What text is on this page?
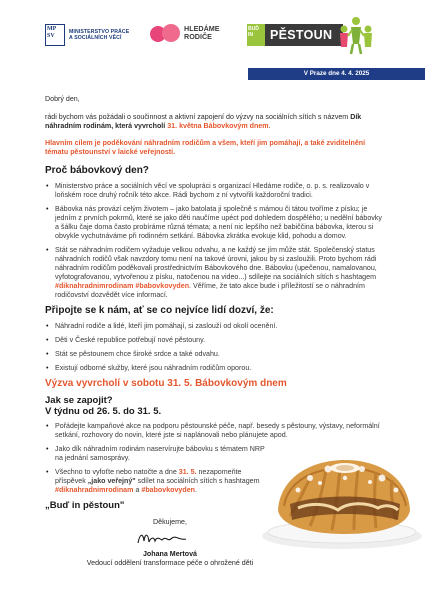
MP SV
MINISTERSTVO PRÁCE
A SOCIÁLNÍCH VĚCÍ
HLEDÁME
RODIČE
BUĎ IN	PĚSTOUN
V Praze dne 4. 4. 2025

Dobrý den,

rádi bychom vás požádali o součinnost a aktivní zapojení do výzvy na sociálních sítích s názvem Dík náhradním rodinám, která vyvrcholí 31. května Bábovkovým dnem.

Hlavním cílem je poděkování náhradním rodičům a všem, kteří jim pomáhají, a také zviditelnění tématu pěstounství v laické veřejnosti.

Proč bábovkový den?
• Ministerstvo práce a sociálních věcí ve spolupráci s organizací Hledáme rodiče, o. p. s. realizovalo v loňském roce druhý ročník této akce. Rádi bychom z ní vytvořili každoroční tradici.
• Bábovka nás provází celým životem – jako batolata ji společně s mámou či tátou tvoříme z písku; je jedním z prvních pokrmů, které se jako děti naučíme upéct pod dohledem dospělého; u nedělní bábovky a šálku čaje doma často probíráme různá témata; a není nic lepšího než babiččina bábovka, kterou si obvykle vychutnáváme při rodinném setkání. Bábovka zkrátka evokuje klid, pohodu a domov.
• Stát se náhradním rodičem vyžaduje velkou odvahu, a ne každý se jím může stát. Společenský status náhradních rodičů však navzdory tomu není na takové úrovni, jakou by si zasloužili. Proto bychom rádi náhradním rodičům poděkovali prostřednictvím Bábovkového dne. Bábovku (upečenou, namalovanou, vyfotografovanou, vytvořenou z písku, natočenou na video...) sdílejte na sociálních sítích s hashtagem #diknahradnimrodinam #babovkovyden. Věříme, že tato akce bude i příležitostí se o náhradním rodičovství dozvědět více informací.
Připojte se k nám, ať se co nejvíce lidí dozví, že:
• Náhradní rodiče a lidé, kteří jim pomáhají, si zaslouží od okolí ocenění.
• Děti v České republice potřebují nové pěstouny.
• Stát se pěstounem chce široké srdce a také odvahu.
• Existují odborné služby, které jsou náhradním rodičům oporou.
Výzva vyvrcholí v sobotu 31. 5. Bábovkovým dnem
Jak se zapojit?
V týdnu od 26. 5. do 31. 5.
• Pořádejte kampaňové akce na podporu pěstounské péče, např. besedy s pěstouny, výstavy, neformální setkání, rozhovory do novin, které jste si naplánovali nebo plánujete apod.
• Jako dík náhradním rodinám naservírujte bábovku s tématem NRP na jednání samosprávy.
• Všechno to vyfoťte nebo natočte a dne 31. 5. nezapomeňte příspěvek „jako veřejný" sdílet na sociálních sítích s hashtagem #diknahradnimrodinam a #babovkovyden.
„Buď in pěstoun"
Děkujeme,
Johana Mertová
Vedoucí oddělení transformace péče o ohrožené děti
